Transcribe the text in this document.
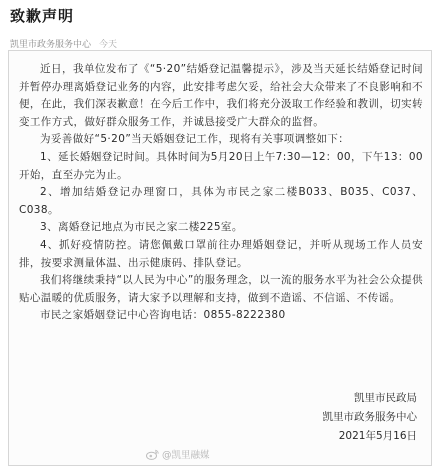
致歉声明
凯里市政务服务中心 今天

近日，我单位发布了《“5·20”结婚登记温馨提示》，涉及当天延长结婚登记时间并暂停办理离婚登记业务的内容，此安排考虑欠妥，给社会大众带来了不良影响和不便，在此，我们深表歉意！在今后工作中，我们将充分汲取工作经验和教训，切实转变工作方式，做好群众服务工作，并诚恳接受广大群众的监督。

为妥善做好“5·20”当天婚姻登记工作，现将有关事项调整如下：

1、延长婚姻登记时间。具体时间为5月20日上午7:30—12：00，下午13：00开始，直至办完为止。

2、增加结婚登记办理窗口，具体为市民之家二楼B033、B035、C037、C038。

3、离婚登记地点为市民之家二楼225室。

4、抓好疫情防控。请您佩戴口罩前往办理婚姻登记，并听从现场工作人员安排，按要求测量体温、出示健康码、排队登记。

我们将继续秉持“以人民为中心”的服务理念，以一流的服务水平为社会公众提供贴心温暖的优质服务，请大家予以理解和支持，做到不造谣、不信谣、不传谣。

市民之家婚姻登记中心咨询电话：0855-8222380

凯里市民政局
凯里市政务服务中心
2021年5月16日
@凯里融媒
